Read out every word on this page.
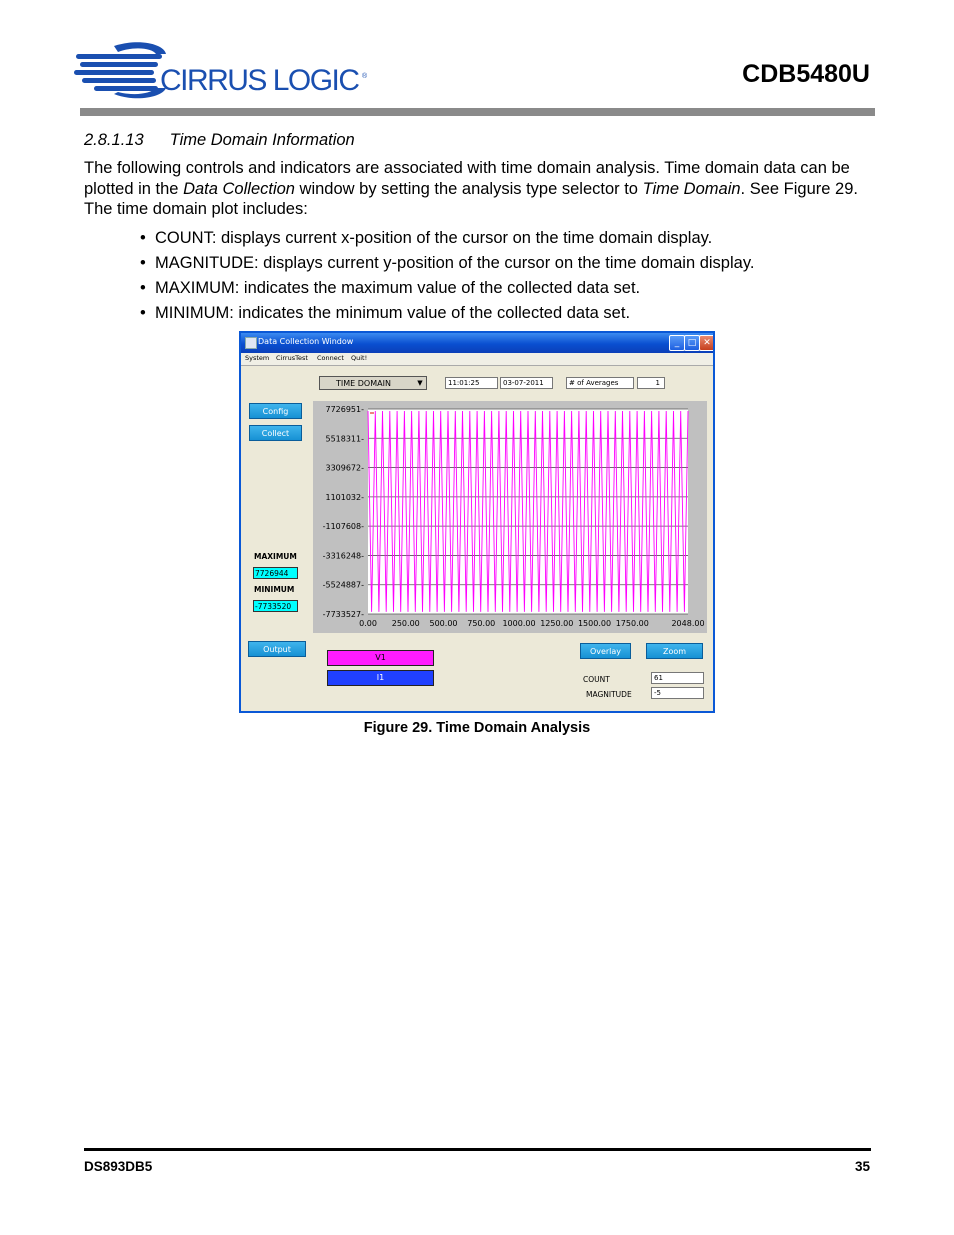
CIRRUS LOGIC ®	CDB5480U
2.8.1.13 Time Domain Information
The following controls and indicators are associated with time domain analysis. Time domain data can be plotted in the Data Collection window by setting the analysis type selector to Time Domain. See Figure 29. The time domain plot includes:
• COUNT: displays current x-position of the cursor on the time domain display.
• MAGNITUDE: displays current y-position of the cursor on the time domain display.
• MAXIMUM: indicates the maximum value of the collected data set.
• MINIMUM: indicates the minimum value of the collected data set.
Data Collection Window	_ □ ✕
System CirrusTest Connect Quit!
TIME DOMAIN	▼	11:01:25	03-07-2011	# of Averages	1
Config
Collect
MAXIMUM
7726944
MINIMUM
-7733520
7726951-
5518311-
3309672-
1101032-
-1107608-
-3316248-
-5524887-
-7733527-
0.00 250.00 500.00 750.00 1000.00 1250.00 1500.00 1750.00	2048.00
Output
V1
I1
Overlay	Zoom
COUNT	61
MAGNITUDE	-5
Figure 29. Time Domain Analysis
DS893DB5	35
